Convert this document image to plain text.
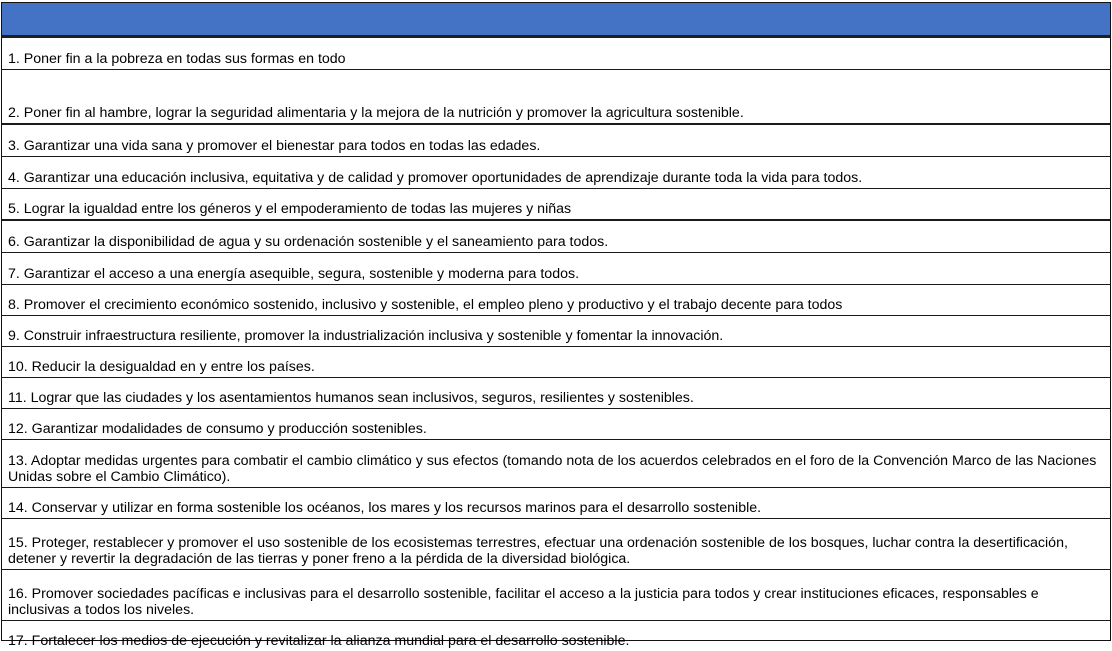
1. Poner fin a la pobreza en todas sus formas en todo
2. Poner fin al hambre, lograr la seguridad alimentaria y la mejora de la nutrición y promover la agricultura sostenible.
3. Garantizar una vida sana y promover el bienestar para todos en todas las edades.
4. Garantizar una educación inclusiva, equitativa y de calidad y promover oportunidades de aprendizaje durante toda la vida para todos.
5. Lograr la igualdad entre los géneros y el empoderamiento de todas las mujeres y niñas
6. Garantizar la disponibilidad de agua y su ordenación sostenible y el saneamiento para todos.
7. Garantizar el acceso a una energía asequible, segura, sostenible y moderna para todos.
8. Promover el crecimiento económico sostenido, inclusivo y sostenible, el empleo pleno y productivo y el trabajo decente para todos
9. Construir infraestructura resiliente, promover la industrialización inclusiva y sostenible y fomentar la innovación.
10. Reducir la desigualdad en y entre los países.
11. Lograr que las ciudades y los asentamientos humanos sean inclusivos, seguros, resilientes y sostenibles.
12. Garantizar modalidades de consumo y producción sostenibles.
13. Adoptar medidas urgentes para combatir el cambio climático y sus efectos (tomando nota de los acuerdos celebrados en el foro de la Convención Marco de las Naciones Unidas sobre el Cambio Climático).
14. Conservar y utilizar en forma sostenible los océanos, los mares y los recursos marinos para el desarrollo sostenible.
15. Proteger, restablecer y promover el uso sostenible de los ecosistemas terrestres, efectuar una ordenación sostenible de los bosques, luchar contra la desertificación, detener y revertir la degradación de las tierras y poner freno a la pérdida de la diversidad biológica.
16. Promover sociedades pacíficas e inclusivas para el desarrollo sostenible, facilitar el acceso a la justicia para todos y crear instituciones eficaces, responsables e inclusivas a todos los niveles.
17. Fortalecer los medios de ejecución y revitalizar la alianza mundial para el desarrollo sostenible.
